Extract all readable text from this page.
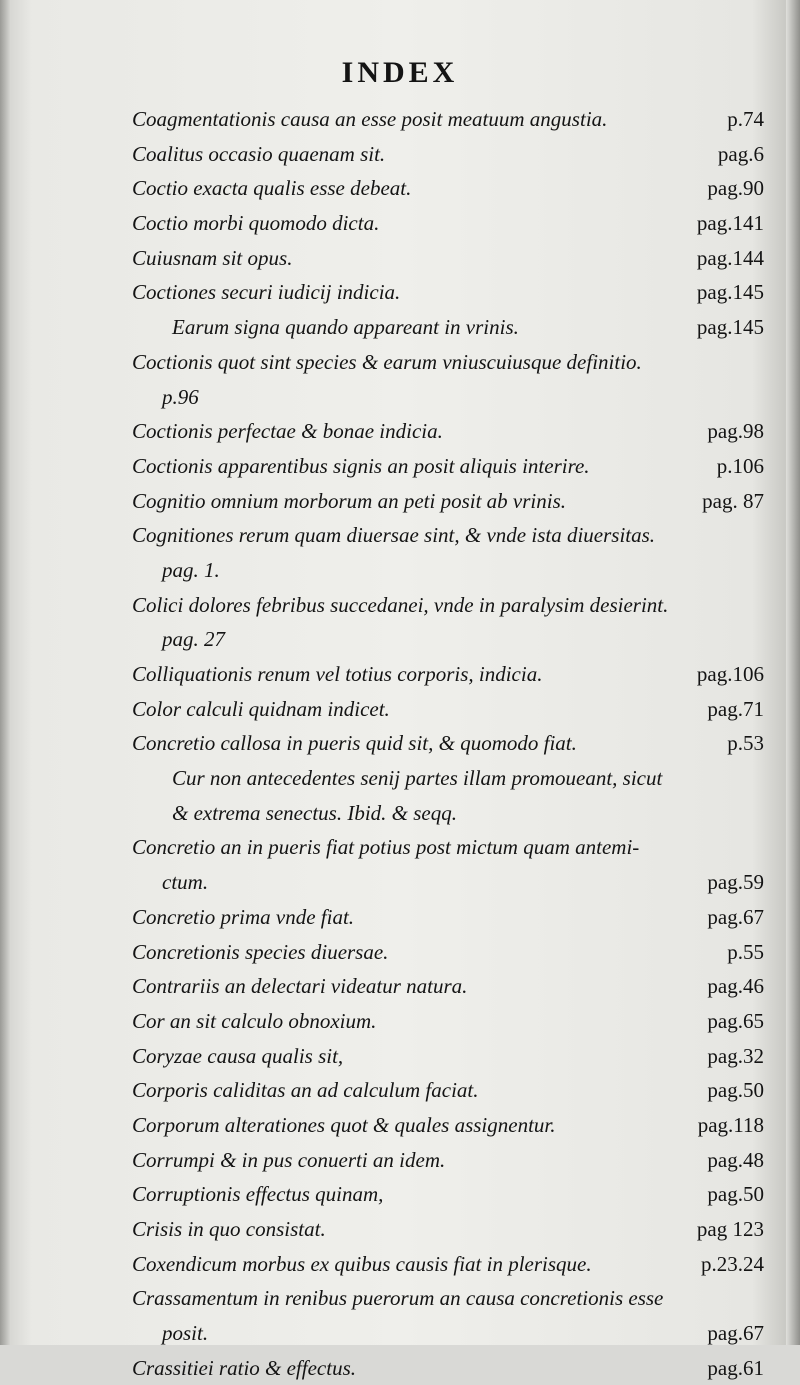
INDEX
Coagmentationis causa an esse posit meatuum angustia.	p.74
Coalitus occasio quaenam sit.	pag.6
Coctio exacta qualis esse debeat.	pag.90
Coctio morbi quomodo dicta.	pag.141
Cuiusnam sit opus.	pag.144
Coctiones securi iudicij indicia.	pag.145
Earum signa quando appareant in vrinis.	pag.145
Coctionis quot sint species & earum vniuscuiusque definitio.
p.96
Coctionis perfectae & bonae indicia.	pag.98
Coctionis apparentibus signis an posit aliquis interire.	p.106
Cognitio omnium morborum an peti posit ab vrinis.	pag. 87
Cognitiones rerum quam diuersae sint, & vnde ista diuersitas.
pag. 1.
Colici dolores febribus succedanei, vnde in paralysim desierint.
pag. 27
Colliquationis renum vel totius corporis, indicia.	pag.106
Color calculi quidnam indicet.	pag.71
Concretio callosa in pueris quid sit, & quomodo fiat.	p.53
Cur non antecedentes senij partes illam promoueant, sicut
& extrema senectus. Ibid. & seqq.
Concretio an in pueris fiat potius post mictum quam antemi-
ctum.	pag.59
Concretio prima vnde fiat.	pag.67
Concretionis species diuersae.	p.55
Contrariis an delectari videatur natura.	pag.46
Cor an sit calculo obnoxium.	pag.65
Coryzae causa qualis sit,	pag.32
Corporis caliditas an ad calculum faciat.	pag.50
Corporum alterationes quot & quales assignentur.	pag.118
Corrumpi & in pus conuerti an idem.	pag.48
Corruptionis effectus quinam,	pag.50
Crisis in quo consistat.	pag 123
Coxendicum morbus ex quibus causis fiat in plerisque.	p.23.24
Crassamentum in renibus puerorum an causa concretionis esse
posit.	pag.67
Crassitiei ratio & effectus.	pag.61
